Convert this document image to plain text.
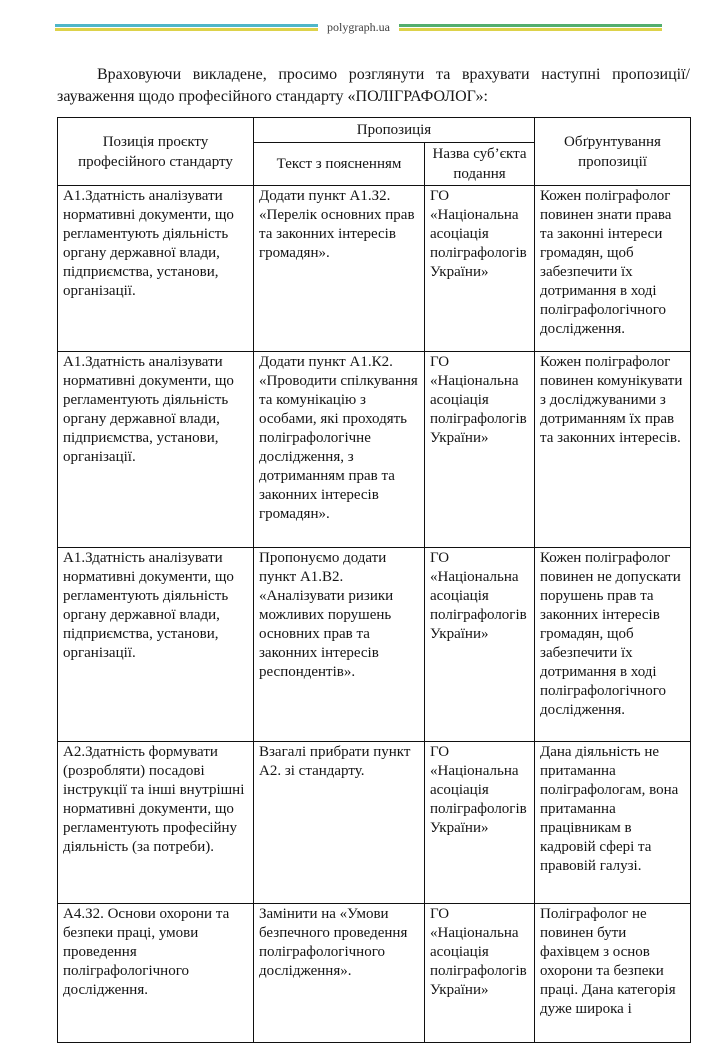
polygraph.ua

Враховуючи викладене, просимо розглянути та врахувати наступні пропозиції/зауваження щодо професійного стандарту «ПОЛІГРАФОЛОГ»:

Позиція проєкту професійного стандарту	Пропозиція		Обґрунтування пропозиції
	Текст з поясненням	Назва суб’єкта подання	
А1.Здатність аналізувати нормативні документи, що регламентують діяльність органу державної влади, підприємства, установи, організації.	Додати пункт А1.З2. «Перелік основних прав та законних інтересів громадян».	ГО «Національна асоціація поліграфологів України»	Кожен поліграфолог повинен знати права та законні інтереси громадян, щоб забезпечити їх дотримання в ході поліграфологічного дослідження.
А1.Здатність аналізувати нормативні документи, що регламентують діяльність органу державної влади, підприємства, установи, організації.	Додати пункт А1.К2. «Проводити спілкування та комунікацію з особами, які проходять поліграфологічне дослідження, з дотриманням прав та законних інтересів громадян».	ГО «Національна асоціація поліграфологів України»	Кожен поліграфолог повинен комунікувати з досліджуваними з дотриманням їх прав та законних інтересів.
А1.Здатність аналізувати нормативні документи, що регламентують діяльність органу державної влади, підприємства, установи, організації.	Пропонуємо додати пункт А1.В2. «Аналізувати ризики можливих порушень основних прав та законних інтересів респондентів».	ГО «Національна асоціація поліграфологів України»	Кожен поліграфолог повинен не допускати порушень прав та законних інтересів громадян, щоб забезпечити їх дотримання в ході поліграфологічного дослідження.
А2.Здатність формувати (розробляти) посадові інструкції та інші внутрішні нормативні документи, що регламентують професійну діяльність (за потреби).	Взагалі прибрати пункт А2. зі стандарту.	ГО «Національна асоціація поліграфологів України»	Дана діяльність не притаманна поліграфологам, вона притаманна працівникам в кадровій сфері та правовій галузі.
А4.З2. Основи охорони та безпеки праці, умови проведення поліграфологічного дослідження.	Замінити на «Умови безпечного проведення поліграфологічного дослідження».	ГО «Національна асоціація поліграфологів України»	Поліграфолог не повинен бути фахівцем з основ охорони та безпеки праці. Дана категорія дуже широка і
